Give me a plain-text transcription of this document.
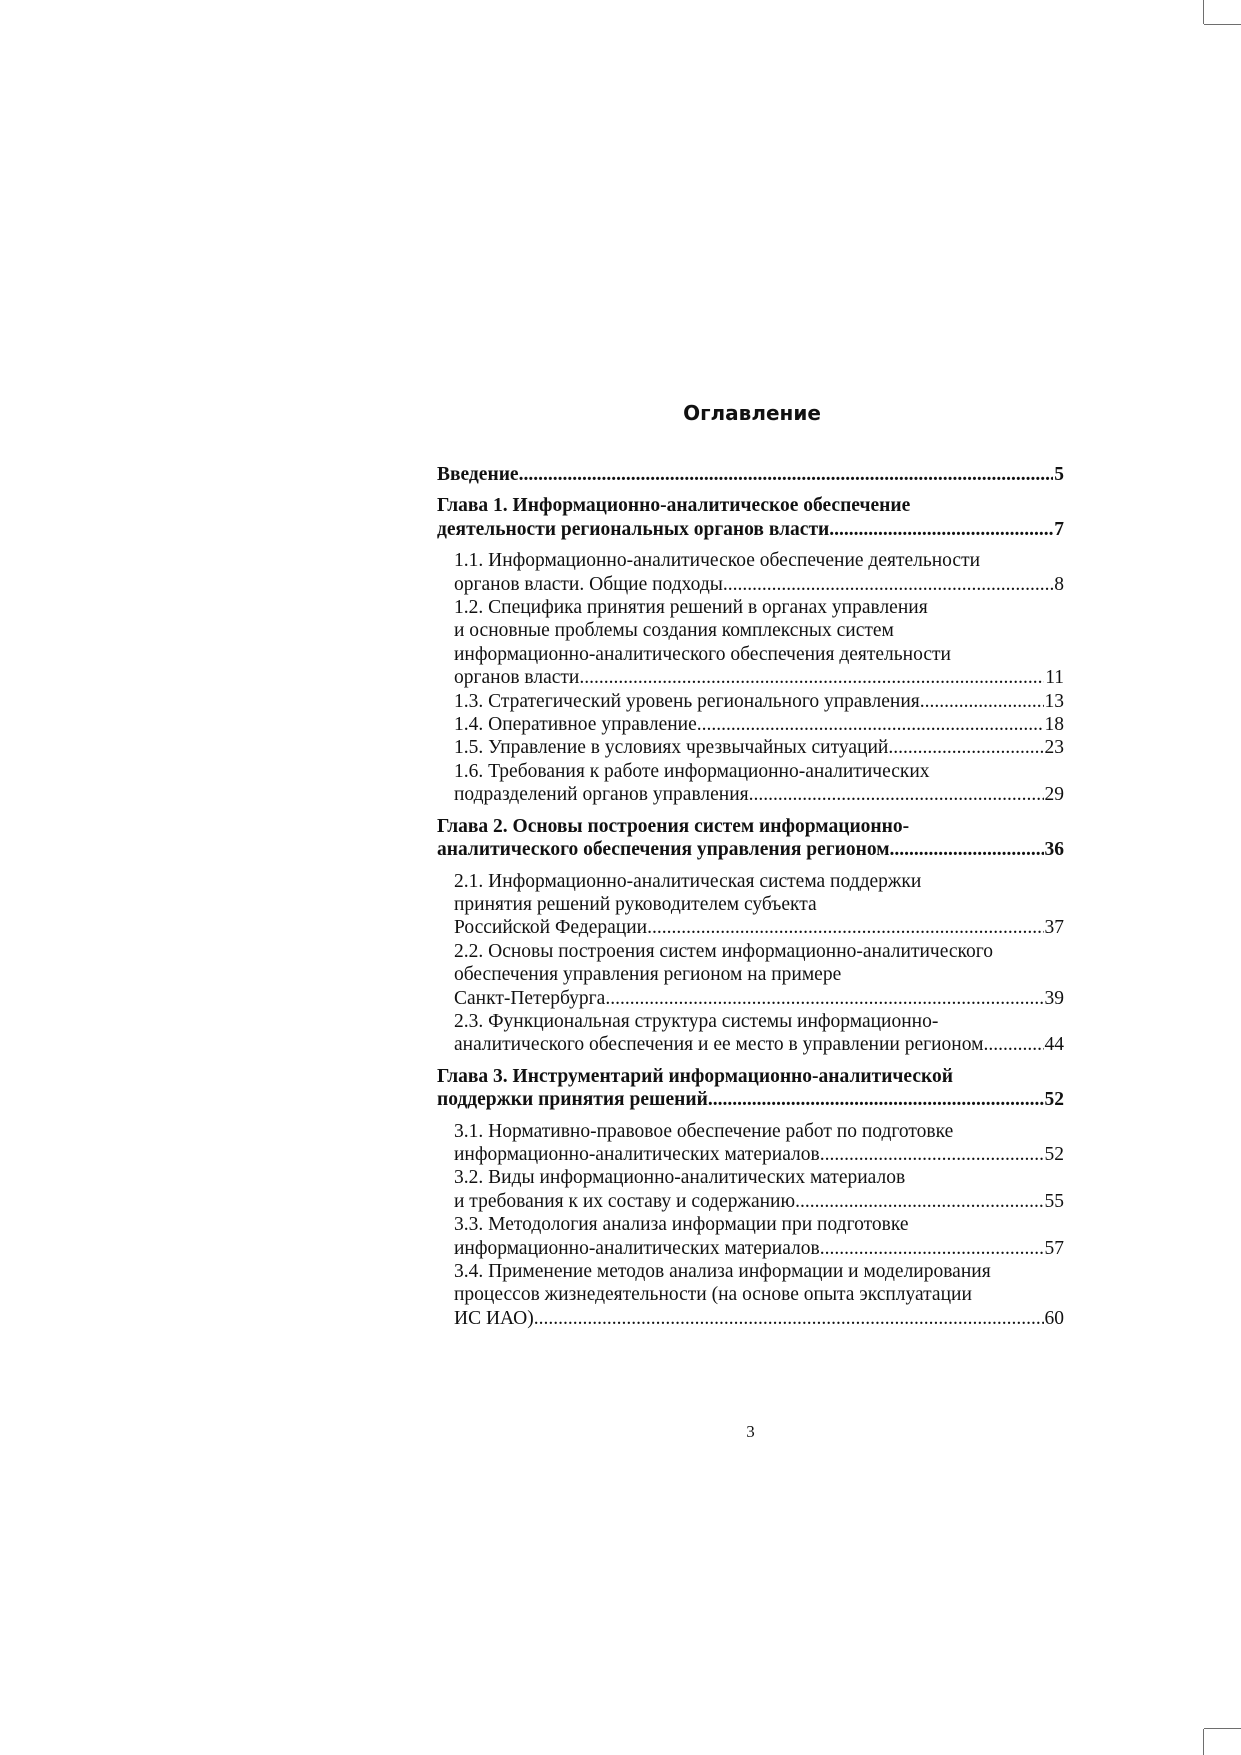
Оглавление
Введение .....	5
Глава 1. Информационно-аналитическое обеспечение
деятельности региональных органов власти .....	7
1.1. Информационно-аналитическое обеспечение деятельности
органов власти. Общие подходы .....	8
1.2. Специфика принятия решений в органах управления
и основные проблемы создания комплексных систем
информационно-аналитического обеспечения деятельности
органов власти .....	11
1.3. Стратегический уровень регионального управления .....	13
1.4. Оперативное управление .....	18
1.5. Управление в условиях чрезвычайных ситуаций .....	23
1.6. Требования к работе информационно-аналитических
подразделений органов управления .....	29
Глава 2. Основы построения систем информационно-
аналитического обеспечения управления регионом .....	36
2.1. Информационно-аналитическая система поддержки
принятия решений руководителем субъекта
Российской Федерации .....	37
2.2. Основы построения систем информационно-аналитического
обеспечения управления регионом на примере
Санкт-Петербурга .....	39
2.3. Функциональная структура системы информационно-
аналитического обеспечения и ее место в управлении регионом .....	44
Глава 3. Инструментарий информационно-аналитической
поддержки принятия решений .....	52
3.1. Нормативно-правовое обеспечение работ по подготовке
информационно-аналитических материалов .....	52
3.2. Виды информационно-аналитических материалов
и требования к их составу и содержанию .....	55
3.3. Методология анализа информации при подготовке
информационно-аналитических материалов .....	57
3.4. Применение методов анализа информации и моделирования
процессов жизнедеятельности (на основе опыта эксплуатации
ИС ИАО) .....	60
3
